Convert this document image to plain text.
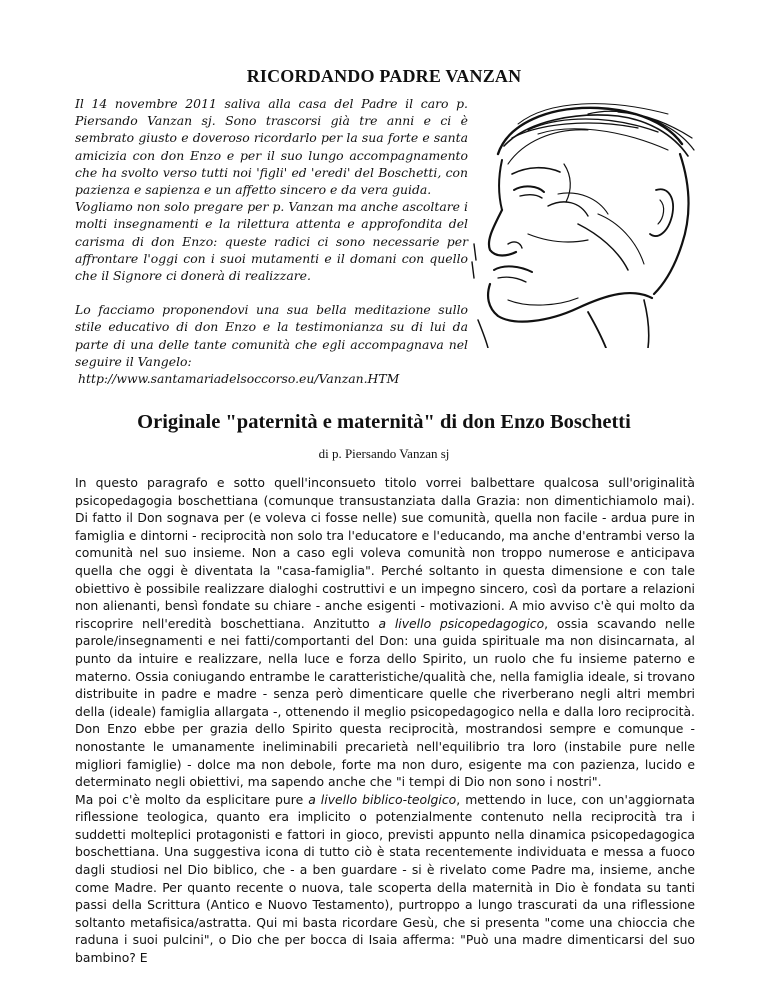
RICORDANDO PADRE VANZAN

Il 14 novembre 2011 saliva alla casa del Padre il caro p. Piersando Vanzan sj. Sono trascorsi già tre anni e ci è sembrato giusto e doveroso ricordarlo per la sua forte e santa amicizia con don Enzo e per il suo lungo accompagnamento che ha svolto verso tutti noi 'figli' ed 'eredi' del Boschetti, con pazienza e sapienza e un affetto sincero e da vera guida.

Vogliamo non solo pregare per p. Vanzan ma anche ascoltare i molti insegnamenti e la rilettura attenta e approfondita del carisma di don Enzo: queste radici ci sono necessarie per affrontare l'oggi con i suoi mutamenti e il domani con quello che il Signore ci donerà di realizzare.

Lo facciamo proponendovi una sua bella meditazione sullo stile educativo di don Enzo e la testimonianza su di lui da parte di una delle tante comunità che egli accompagnava nel seguire il Vangelo:

http://www.santamariadelsoccorso.eu/Vanzan.HTM
Originale "paternità e maternità" di don Enzo Boschetti
di p. Piersando Vanzan sj

In questo paragrafo e sotto quell'inconsueto titolo vorrei balbettare qualcosa sull'originalità psicopedagogia boschettiana (comunque transustanziata dalla Grazia: non dimentichiamolo mai). Di fatto il Don sognava per (e voleva ci fosse nelle) sue comunità, quella non facile - ardua pure in famiglia e dintorni - reciprocità non solo tra l'educatore e l'educando, ma anche d'entrambi verso la comunità nel suo insieme. Non a caso egli voleva comunità non troppo numerose e anticipava quella che oggi è diventata la "casa-famiglia". Perché soltanto in questa dimensione e con tale obiettivo è possibile realizzare dialoghi costruttivi e un impegno sincero, così da portare a relazioni non alienanti, bensì fondate su chiare - anche esigenti - motivazioni. A mio avviso c'è qui molto da riscoprire nell'eredità boschettiana. Anzitutto a livello psicopedagogico, ossia scavando nelle parole/insegnamenti e nei fatti/comportanti del Don: una guida spirituale ma non disincarnata, al punto da intuire e realizzare, nella luce e forza dello Spirito, un ruolo che fu insieme paterno e materno. Ossia coniugando entrambe le caratteristiche/qualità che, nella famiglia ideale, si trovano distribuite in padre e madre - senza però dimenticare quelle che riverberano negli altri membri della (ideale) famiglia allargata -, ottenendo il meglio psicopedagogico nella e dalla loro reciprocità. Don Enzo ebbe per grazia dello Spirito questa reciprocità, mostrandosi sempre e comunque - nonostante le umanamente ineliminabili precarietà nell'equilibrio tra loro (instabile pure nelle migliori famiglie) - dolce ma non debole, forte ma non duro, esigente ma con pazienza, lucido e determinato negli obiettivi, ma sapendo anche che "i tempi di Dio non sono i nostri".

Ma poi c'è molto da esplicitare pure a livello biblico-teolgico, mettendo in luce, con un'aggiornata riflessione teologica, quanto era implicito o potenzialmente contenuto nella reciprocità tra i suddetti molteplici protagonisti e fattori in gioco, previsti appunto nella dinamica psicopedagogica boschettiana. Una suggestiva icona di tutto ciò è stata recentemente individuata e messa a fuoco dagli studiosi nel Dio biblico, che - a ben guardare - si è rivelato come Padre ma, insieme, anche come Madre. Per quanto recente o nuova, tale scoperta della maternità in Dio è fondata su tanti passi della Scrittura (Antico e Nuovo Testamento), purtroppo a lungo trascurati da una riflessione soltanto metafisica/astratta. Qui mi basta ricordare Gesù, che si presenta "come una chioccia che raduna i suoi pulcini", o Dio che per bocca di Isaia afferma: "Può una madre dimenticarsi del suo bambino? E
